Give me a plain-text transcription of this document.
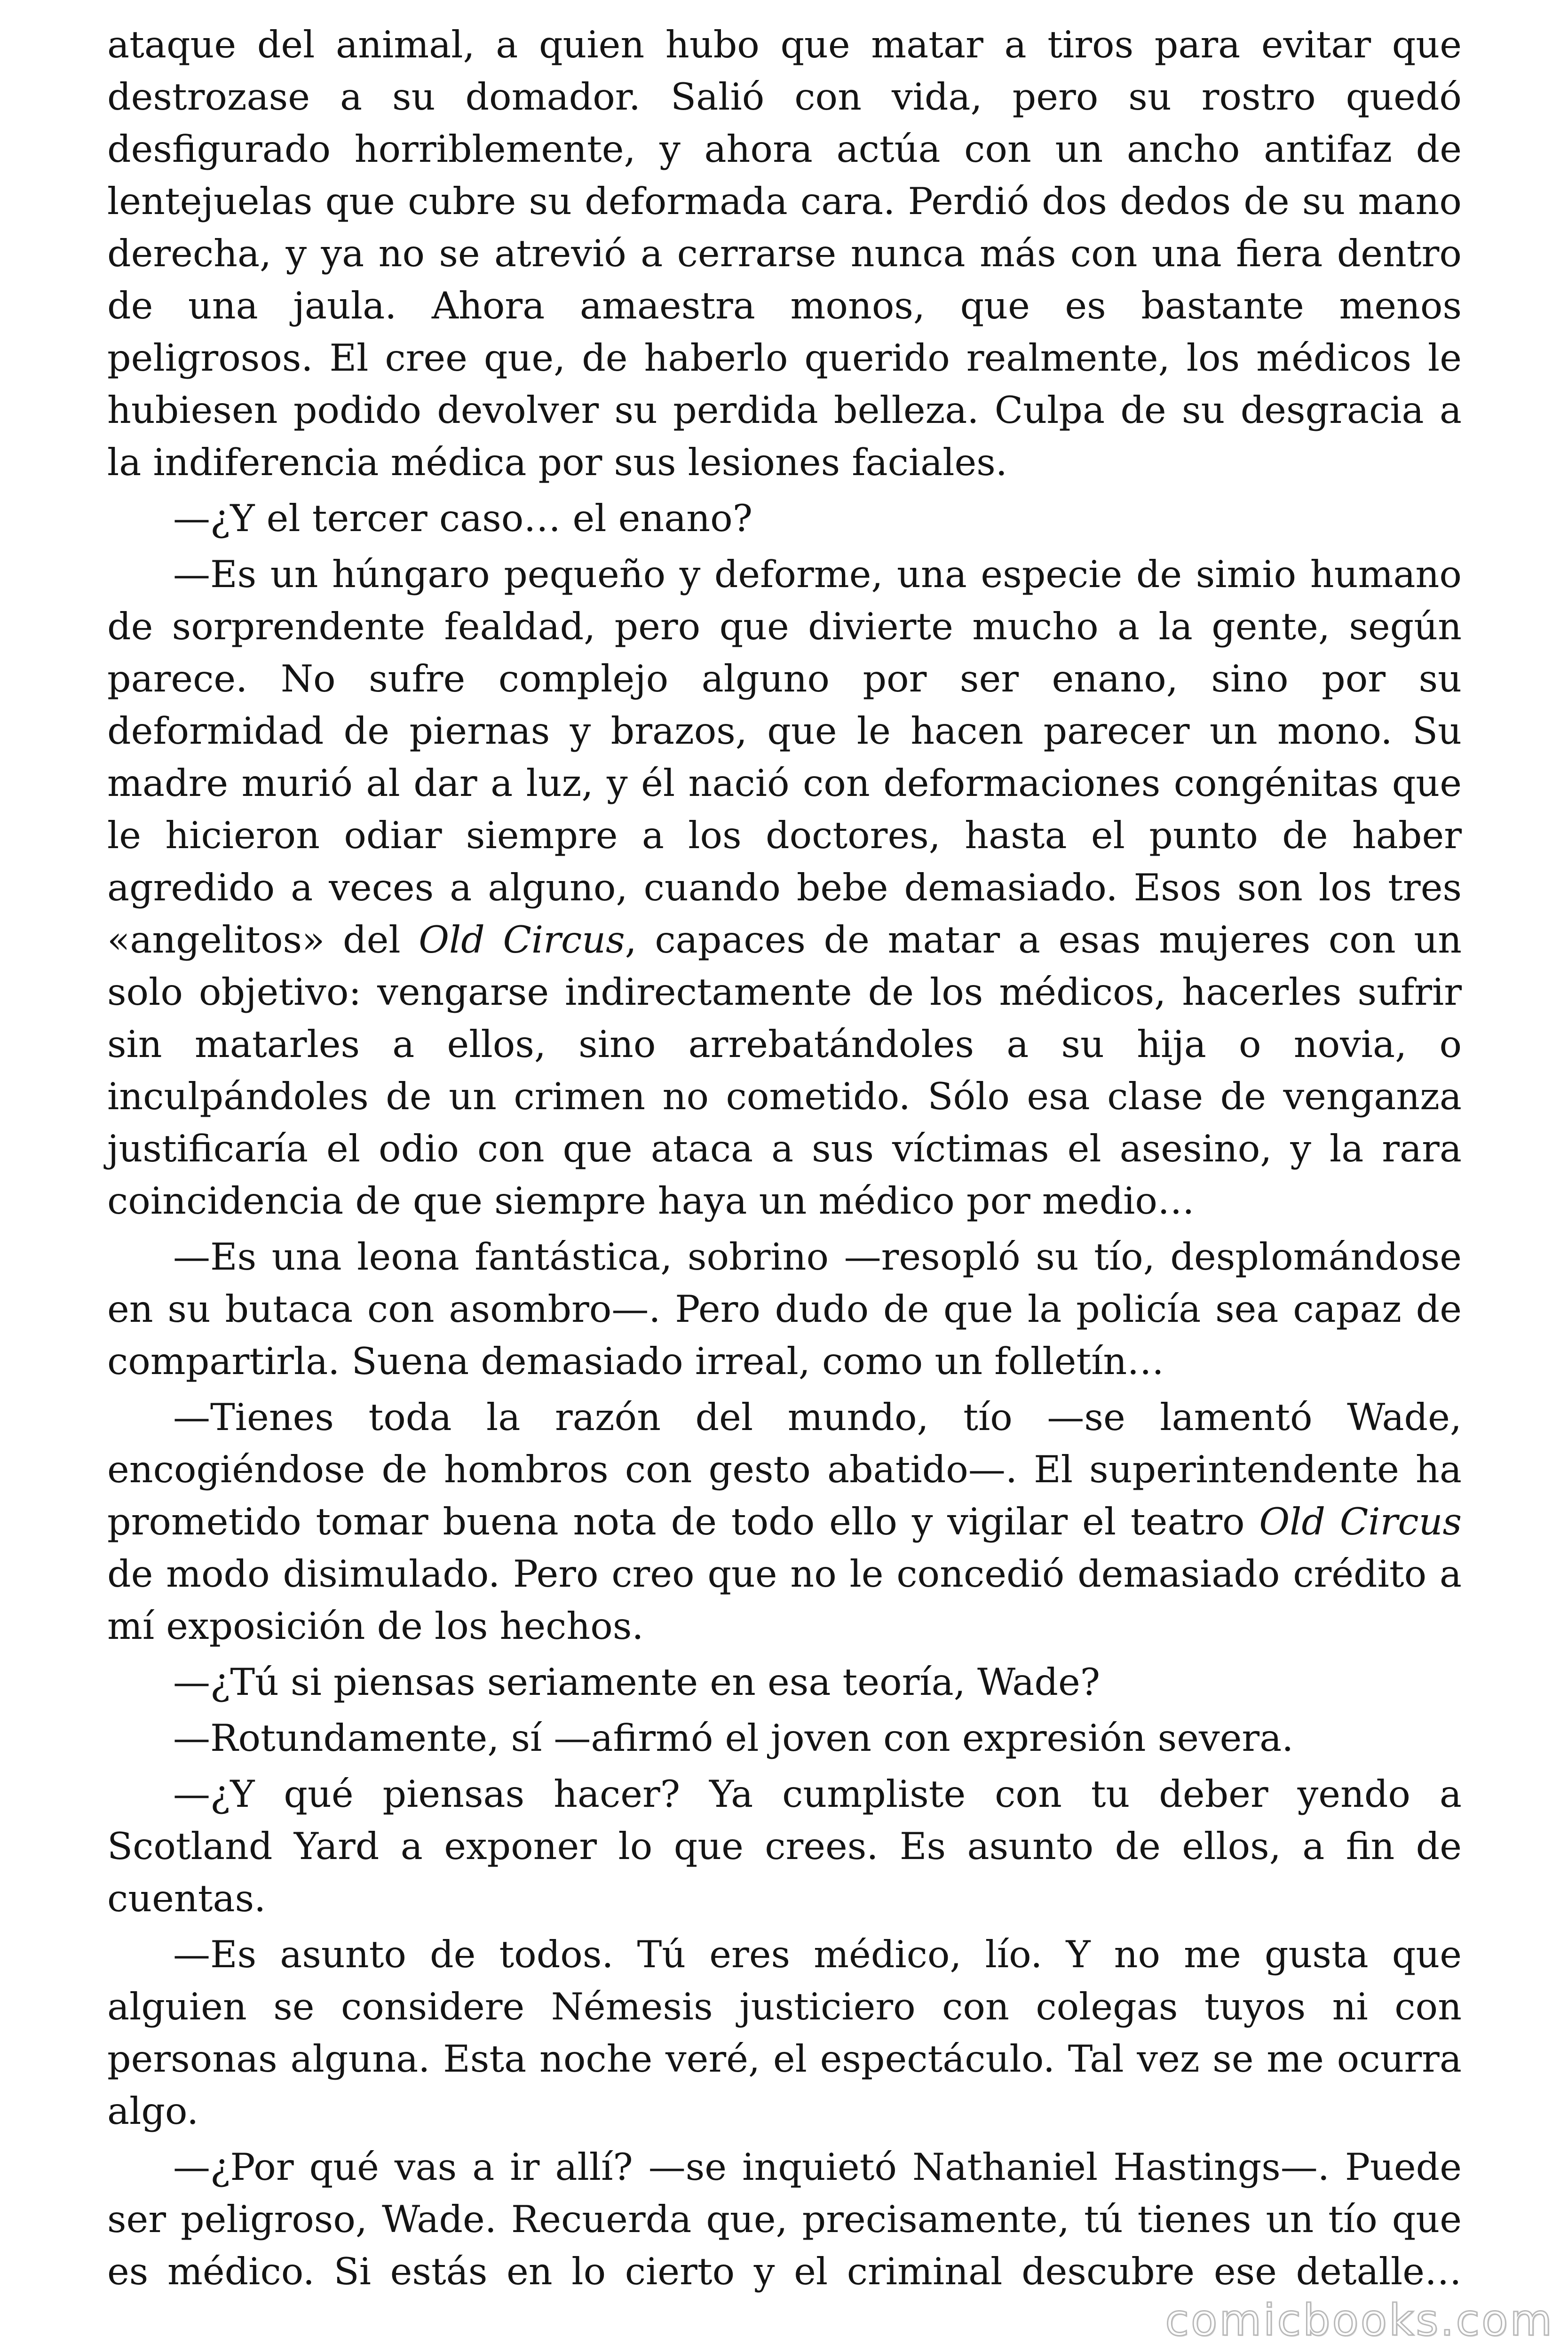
ataque del animal, a quien hubo que matar a tiros para evitar que destrozase a su domador. Salió con vida, pero su rostro quedó desfigurado horriblemente, y ahora actúa con un ancho antifaz de lentejuelas que cubre su deformada cara. Perdió dos dedos de su mano derecha, y ya no se atrevió a cerrarse nunca más con una fiera dentro de una jaula. Ahora amaestra monos, que es bastante menos peligrosos. El cree que, de haberlo querido realmente, los médicos le hubiesen podido devolver su perdida belleza. Culpa de su desgracia a la indiferencia médica por sus lesiones faciales.

—¿Y el tercer caso… el enano?

—Es un húngaro pequeño y deforme, una especie de simio humano de sorprendente fealdad, pero que divierte mucho a la gente, según parece. No sufre complejo alguno por ser enano, sino por su deformidad de piernas y brazos, que le hacen parecer un mono. Su madre murió al dar a luz, y él nació con deformaciones congénitas que le hicieron odiar siempre a los doctores, hasta el punto de haber agredido a veces a alguno, cuando bebe demasiado. Esos son los tres «angelitos» del Old Circus, capaces de matar a esas mujeres con un solo objetivo: vengarse indirectamente de los médicos, hacerles sufrir sin matarles a ellos, sino arrebatándoles a su hija o novia, o inculpándoles de un crimen no cometido. Sólo esa clase de venganza justificaría el odio con que ataca a sus víctimas el asesino, y la rara coincidencia de que siempre haya un médico por medio…

—Es una leona fantástica, sobrino —resopló su tío, desplomándose en su butaca con asombro—. Pero dudo de que la policía sea capaz de compartirla. Suena demasiado irreal, como un folletín…

—Tienes toda la razón del mundo, tío —se lamentó Wade, encogiéndose de hombros con gesto abatido—. El superintendente ha prometido tomar buena nota de todo ello y vigilar el teatro Old Circus de modo disimulado. Pero creo que no le concedió demasiado crédito a mí exposición de los hechos.

—¿Tú si piensas seriamente en esa teoría, Wade?

—Rotundamente, sí —afirmó el joven con expresión severa.

—¿Y qué piensas hacer? Ya cumpliste con tu deber yendo a Scotland Yard a exponer lo que crees. Es asunto de ellos, a fin de cuentas.

—Es asunto de todos. Tú eres médico, lío. Y no me gusta que alguien se considere Némesis justiciero con colegas tuyos ni con personas alguna. Esta noche veré, el espectáculo. Tal vez se me ocurra algo.

—¿Por qué vas a ir allí? —se inquietó Nathaniel Hastings—. Puede ser peligroso, Wade. Recuerda que, precisamente, tú tienes un tío que es médico. Si estás en lo cierto y el criminal descubre ese detalle…

comicbooks.com
